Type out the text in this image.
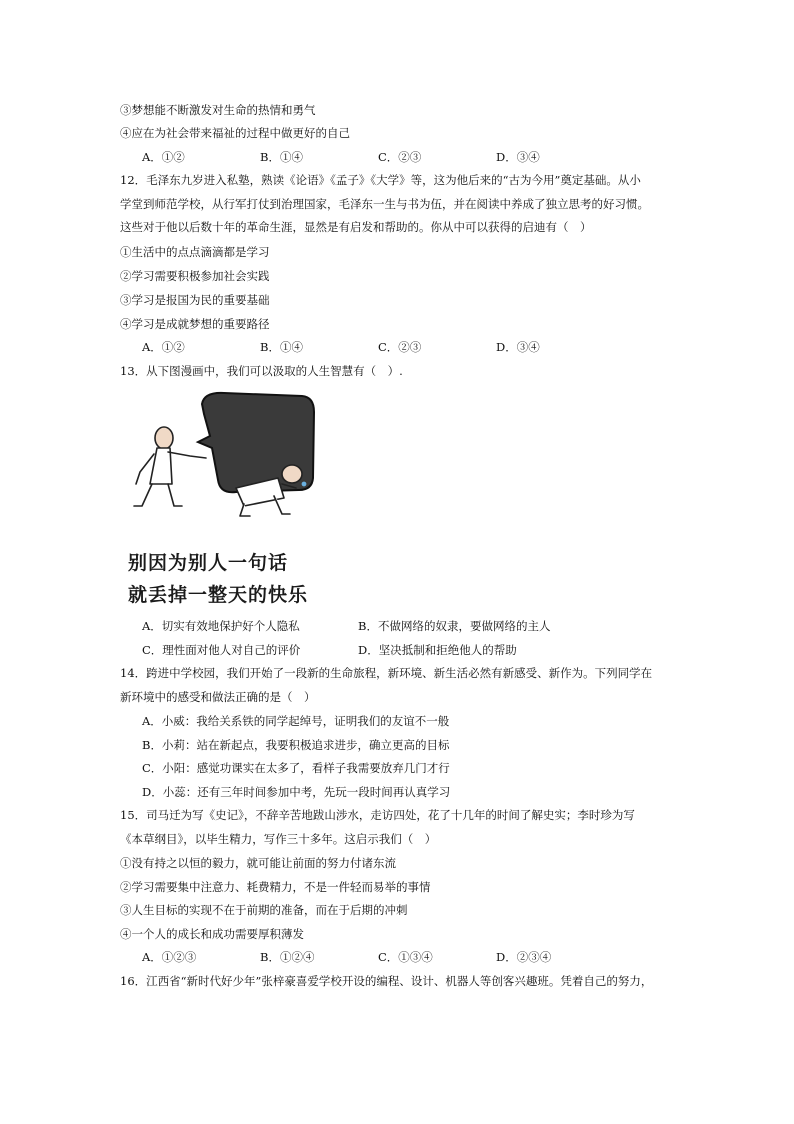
③梦想能不断激发对生命的热情和勇气
④应在为社会带来福祉的过程中做更好的自己
A．①②	B．①④	C．②③	D．③④
12．毛泽东九岁进入私塾，熟读《论语》《孟子》《大学》等，这为他后来的“古为今用”奠定基础。从小
学堂到师范学校，从行军打仗到治理国家，毛泽东一生与书为伍，并在阅读中养成了独立思考的好习惯。
这些对于他以后数十年的革命生涯，显然是有启发和帮助的。你从中可以获得的启迪有（　）
①生活中的点点滴滴都是学习
②学习需要积极参加社会实践
③学习是报国为民的重要基础
④学习是成就梦想的重要路径
A．①②	B．①④	C．②③	D．③④
13．从下图漫画中，我们可以汲取的人生智慧有（　）.
别因为别人一句话
就丢掉一整天的快乐
A．切实有效地保护好个人隐私	B．不做网络的奴隶，要做网络的主人
C．理性面对他人对自己的评价	D．坚决抵制和拒绝他人的帮助
14．跨进中学校园，我们开始了一段新的生命旅程，新环境、新生活必然有新感受、新作为。下列同学在
新环境中的感受和做法正确的是（　）
A．小威：我给关系铁的同学起绰号，证明我们的友谊不一般
B．小莉：站在新起点，我要积极追求进步，确立更高的目标
C．小阳：感觉功课实在太多了，看样子我需要放弃几门才行
D．小蕊：还有三年时间参加中考，先玩一段时间再认真学习
15．司马迁为写《史记》，不辞辛苦地跋山涉水，走访四处，花了十几年的时间了解史实；李时珍为写
《本草纲目》，以毕生精力，写作三十多年。这启示我们（　）
①没有持之以恒的毅力，就可能让前面的努力付诸东流
②学习需要集中注意力、耗费精力，不是一件轻而易举的事情
③人生目标的实现不在于前期的准备，而在于后期的冲刺
④一个人的成长和成功需要厚积薄发
A．①②③	B．①②④	C．①③④	D．②③④
16．江西省“新时代好少年”张梓豪喜爱学校开设的编程、设计、机器人等创客兴趣班。凭着自己的努力，
